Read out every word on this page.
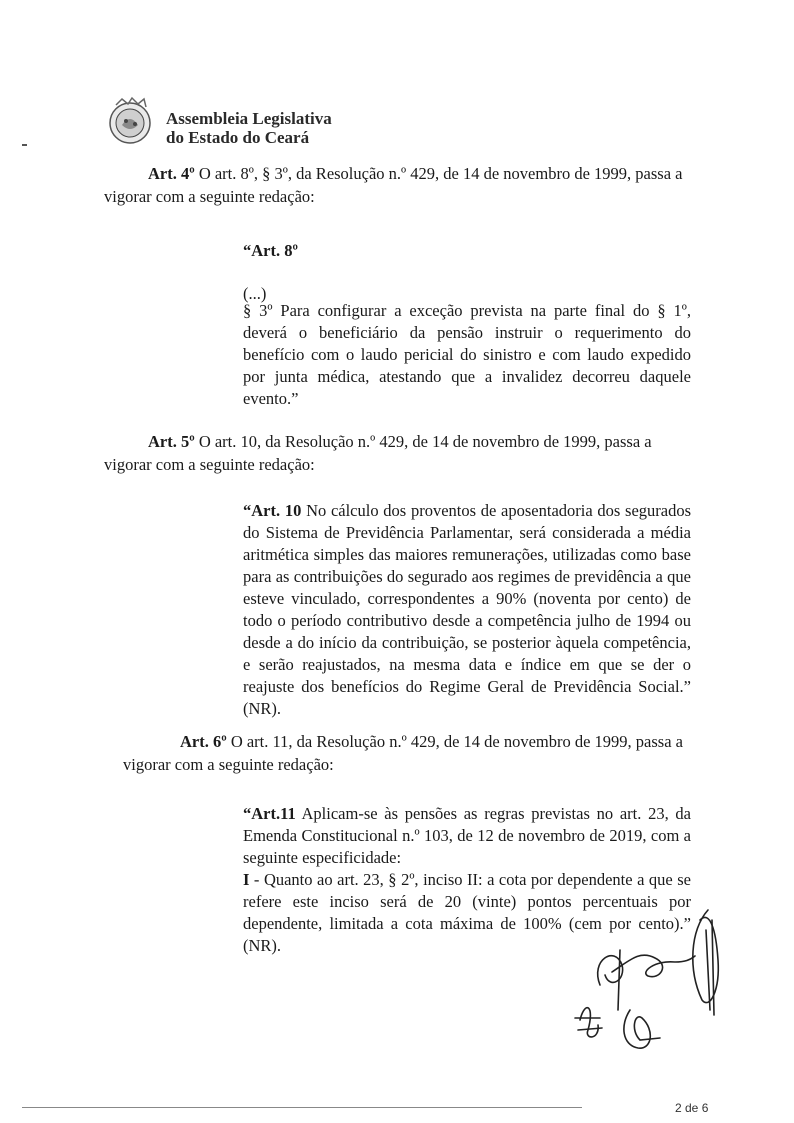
Assembleia Legislativa
do Estado do Ceará
Art. 4º O art. 8º, § 3º, da Resolução n.º 429, de 14 de novembro de 1999, passa a
vigorar com a seguinte redação:
“Art. 8º
(...)
§ 3º Para configurar a exceção prevista na parte final do § 1º, deverá o beneficiário da pensão instruir o requerimento do benefício com o laudo pericial do sinistro e com laudo expedido por junta médica, atestando que a invalidez decorreu daquele evento.”
Art. 5º O art. 10, da Resolução n.º 429, de 14 de novembro de 1999, passa a
vigorar com a seguinte redação:
“Art. 10 No cálculo dos proventos de aposentadoria dos segurados do Sistema de Previdência Parlamentar, será considerada a média aritmética simples das maiores remunerações, utilizadas como base para as contribuições do segurado aos regimes de previdência a que esteve vinculado, correspondentes a 90% (noventa por cento) de todo o período contributivo desde a competência julho de 1994 ou desde a do início da contribuição, se posterior àquela competência, e serão reajustados, na mesma data e índice em que se der o reajuste dos benefícios do Regime Geral de Previdência Social.” (NR).
Art. 6º O art. 11, da Resolução n.º 429, de 14 de novembro de 1999, passa a
vigorar com a seguinte redação:
“Art.11 Aplicam-se às pensões as regras previstas no art. 23, da Emenda Constitucional n.º 103, de 12 de novembro de 2019, com a seguinte especificidade:
I - Quanto ao art. 23, § 2º, inciso II: a cota por dependente a que se refere este inciso será de 20 (vinte) pontos percentuais por dependente, limitada a cota máxima de 100% (cem por cento).” (NR).
2 de 6
